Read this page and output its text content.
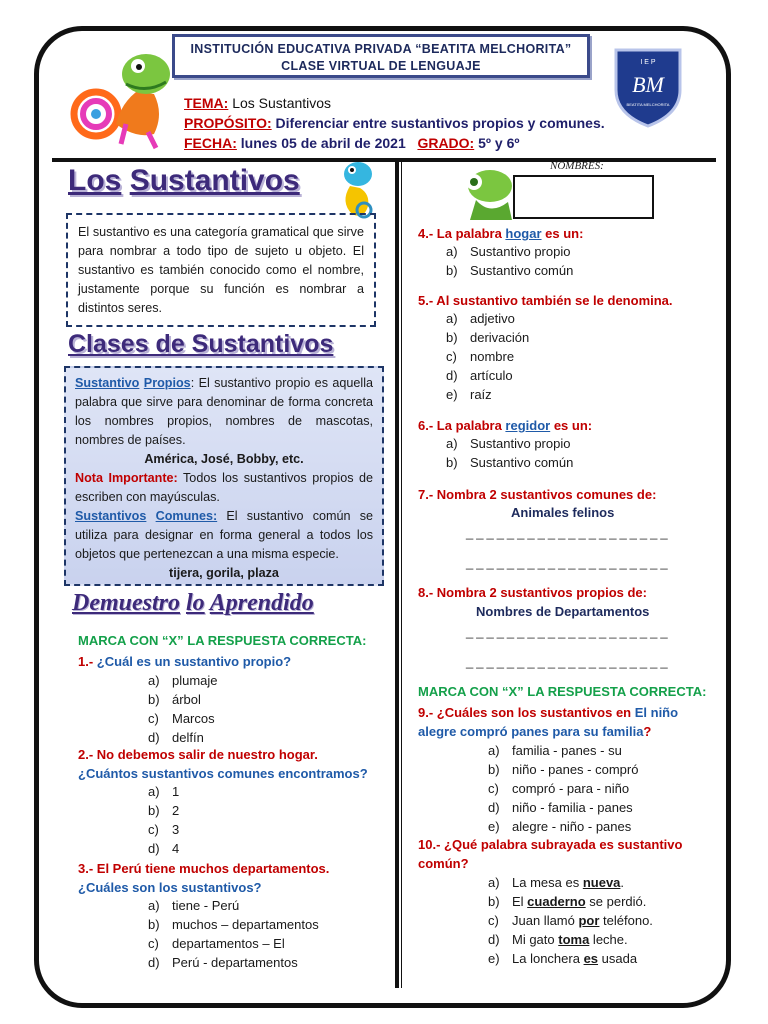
INSTITUCIÓN EDUCATIVA PRIVADA “BEATITA MELCHORITA”
CLASE VIRTUAL DE LENGUAJE	I E P
BM
BEATITA MELCHORITA
TEMA: Los Sustantivos
PROPÓSITO: Diferenciar entre sustantivos propios y comunes.
FECHA: lunes 05 de abril de 2021 GRADO: 5º y 6º
Los Sustantivos
El sustantivo es una categoría gramatical que sirve para nombrar a todo tipo de sujeto u objeto. El sustantivo es también conocido como el nombre, justamente porque su función es nombrar a distintos seres.
Clases de Sustantivos
Sustantivo Propios: El sustantivo propio es aquella palabra que sirve para denominar de forma concreta los nombres propios, nombres de mascotas, nombres de países.
América, José, Bobby, etc.
Nota Importante: Todos los sustantivos propios de escriben con mayúsculas.
Sustantivos Comunes: El sustantivo común se utiliza para designar en forma general a todos los objetos que pertenezcan a una misma especie.
tijera, gorila, plaza
Demuestro lo Aprendido
MARCA CON “X” LA RESPUESTA CORRECTA:
1.- ¿Cuál es un sustantivo propio?
a) plumaje
b) árbol
c) Marcos
d) delfín
2.- No debemos salir de nuestro hogar. ¿Cuántos sustantivos comunes encontramos?
a) 1
b) 2
c) 3
d) 4
3.- El Perú tiene muchos departamentos. ¿Cuáles son los sustantivos?
a) tiene - Perú
b) muchos – departamentos
c) departamentos – El
d) Perú - departamentos
NOMBRES:
4.- La palabra hogar es un:
a) Sustantivo propio
b) Sustantivo común
5.- Al sustantivo también se le denomina.
a) adjetivo
b) derivación
c) nombre
d) artículo
e) raíz
6.- La palabra regidor es un:
a) Sustantivo propio
b) Sustantivo común
7.- Nombra 2 sustantivos comunes de:
Animales felinos
____________________
____________________
8.- Nombra 2 sustantivos propios de:
Nombres de Departamentos
____________________
____________________
MARCA CON “X” LA RESPUESTA CORRECTA:
9.- ¿Cuáles son los sustantivos en El niño alegre compró panes para su familia?
a) familia - panes - su
b) niño - panes - compró
c) compró - para - niño
d) niño - familia - panes
e) alegre - niño - panes
10.- ¿Qué palabra subrayada es sustantivo común?
a) La mesa es nueva.
b) El cuaderno se perdió.
c) Juan llamó por teléfono.
d) Mi gato toma leche.
e) La lonchera es usada
